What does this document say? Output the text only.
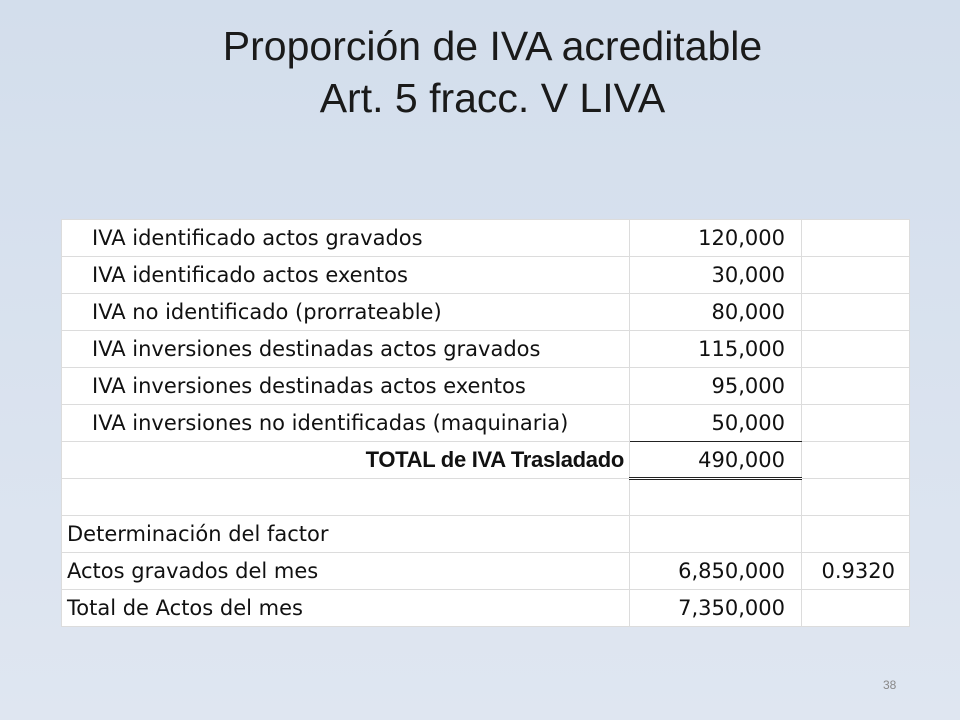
Proporción de IVA acreditable
Art. 5 fracc. V LIVA
IVA identificado actos gravados	120,000	
IVA identificado actos exentos	30,000	
IVA no identificado (prorrateable)	80,000	
IVA inversiones destinadas actos gravados	115,000	
IVA inversiones destinadas actos exentos	95,000	
IVA inversiones no identificadas (maquinaria)	50,000	
TOTAL de IVA Trasladado	490,000	

Determinación del factor		
Actos gravados del mes	6,850,000	0.9320
Total de Actos del mes	7,350,000	
38
